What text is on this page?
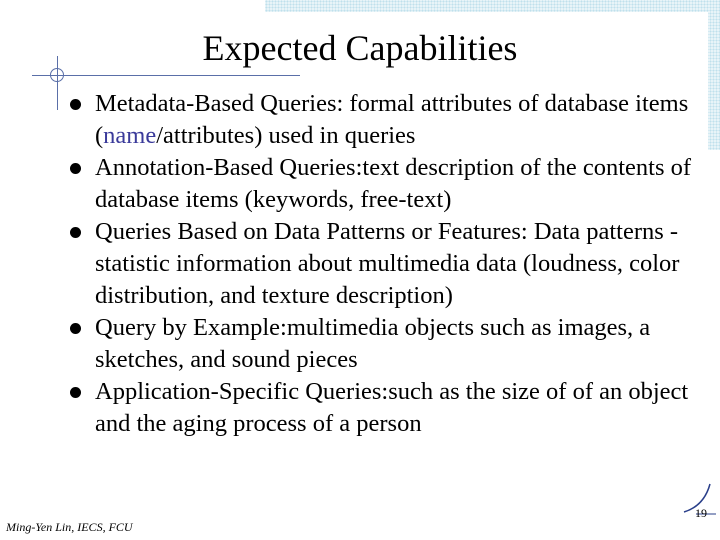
Expected Capabilities
Metadata-Based Queries: formal attributes of database items (name/attributes) used in queries
Annotation-Based Queries:text description of the contents of database items (keywords, free-text)
Queries Based on Data Patterns or Features: Data patterns - statistic information about multimedia data (loudness, color distribution, and texture description)
Query by Example:multimedia objects such as images, a sketches, and sound pieces
Application-Specific Queries:such as the size of of an object and the aging process of a person
19
Ming-Yen Lin, IECS, FCU
